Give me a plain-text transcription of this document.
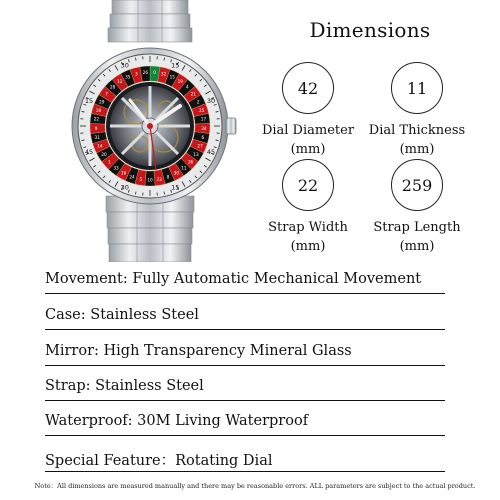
15
30
45
15
30
45
15
30
0 32
15
19
4
21
2
25
17
34
6
27
13
36
11
30
8
23
10
5
24
16
33
1
20
14
31
9
22
18
29
7
28
12
35
3 26
Dimensions
42
Dial Diameter
(mm)
11
Dial Thickness
(mm)
22
Strap Width
(mm)
259
Strap Length
(mm)
Movement: Fully Automatic Mechanical Movement
Case: Stainless Steel
Mirror: High Transparency Mineral Glass
Strap: Stainless Steel
Waterproof: 30M Living Waterproof
Special Feature：Rotating Dial
Note：All dimensions are measured manually and there may be reasonable errors. ALL parameters are subject to the actual product.
